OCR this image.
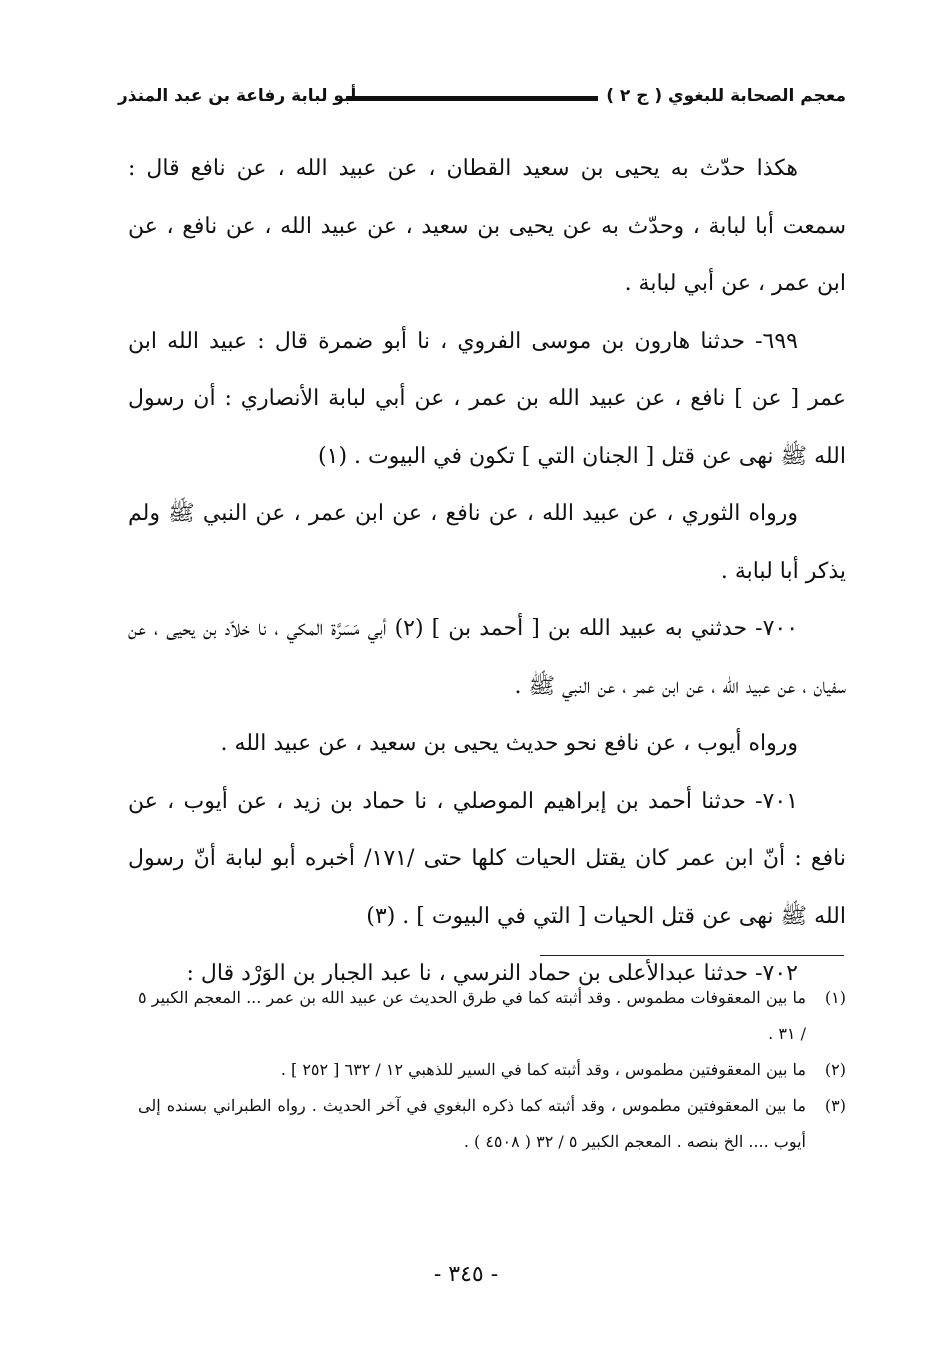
معجم الصحابة للبغوي ( ج ٢ )
أبو لبابة رفاعة بن عبد المنذر

هكذا حدّث به يحيى بن سعيد القطان ، عن عبيد الله ، عن نافع قال : سمعت أبا لبابة ، وحدّث به عن يحيى بن سعيد ، عن عبيد الله ، عن نافع ، عن ابن عمر ، عن أبي لبابة .

٦٩٩- حدثنا هارون بن موسى الفروي ، نا أبو ضمرة قال : عبيد الله ابن عمر [ عن ] نافع ، عن عبيد الله بن عمر ، عن أبي لبابة الأنصاري : أن رسول الله ﷺ نهى عن قتل [ الجنان التي ] تكون في البيوت . (١)

ورواه الثوري ، عن عبيد الله ، عن نافع ، عن ابن عمر ، عن النبي ﷺ ولم يذكر أبا لبابة .

٧٠٠- حدثني به عبيد الله بن [ أحمد بن ] (٢) أبي مَسَرَّة المكي ، نا خلاّد بن يحيى ، عن سفيان ، عن عبيد الله ، عن ابن عمر ، عن النبي ﷺ .

ورواه أيوب ، عن نافع نحو حديث يحيى بن سعيد ، عن عبيد الله .

٧٠١- حدثنا أحمد بن إبراهيم الموصلي ، نا حماد بن زيد ، عن أيوب ، عن نافع : أنّ ابن عمر كان يقتل الحيات كلها حتى /١٧١/ أخبره أبو لبابة أنّ رسول الله ﷺ نهى عن قتل الحيات [ التي في البيوت ] . (٣)

٧٠٢- حدثنا عبدالأعلى بن حماد النرسي ، نا عبد الجبار بن الوَرْد قال :

(١)
ما بين المعقوفات مطموس . وقد أثبته كما في طرق الحديث عن عبيد الله بن عمر ... المعجم الكبير ٥ / ٣١ .
(٢)
ما بين المعقوفتين مطموس ، وقد أثبته كما في السير للذهبي ١٢ / ٦٣٢ [ ٢٥٢ ] .
(٣)
ما بين المعقوفتين مطموس ، وقد أثبته كما ذكره البغوي في آخر الحديث . رواه الطبراني بسنده إلى أيوب .... الخ بنصه . المعجم الكبير ٥ / ٣٢ ( ٤٥٠٨ ) .
- ٣٤٥ -
